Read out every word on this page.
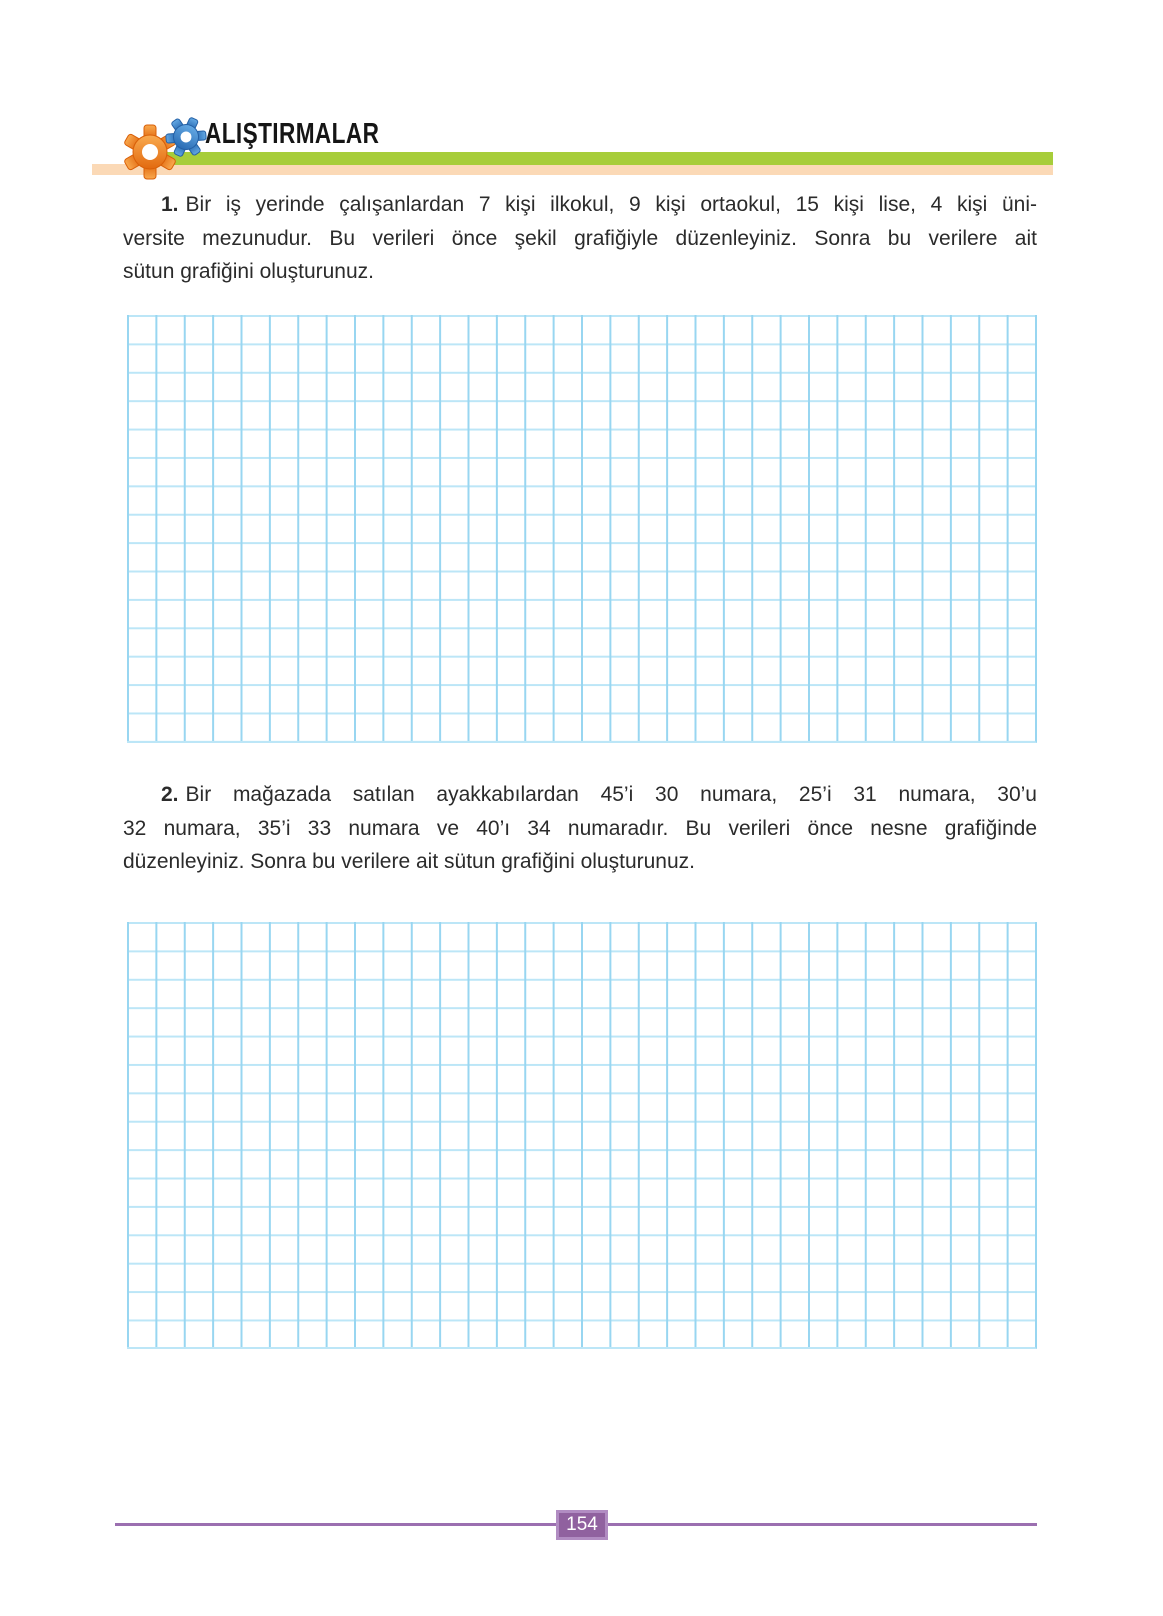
ALIŞTIRMALAR
1. Bir iş yerinde çalışanlardan 7 kişi ilkokul, 9 kişi ortaokul, 15 kişi lise, 4 kişi üni-
versite mezunudur. Bu verileri önce şekil grafiğiyle düzenleyiniz. Sonra bu verilere ait
sütun grafiğini oluşturunuz.
2. Bir mağazada satılan ayakkabılardan 45’i 30 numara, 25’i 31 numara, 30’u
32 numara, 35’i 33 numara ve 40’ı 34 numaradır. Bu verileri önce nesne grafiğinde
düzenleyiniz. Sonra bu verilere ait sütun grafiğini oluşturunuz.
154
